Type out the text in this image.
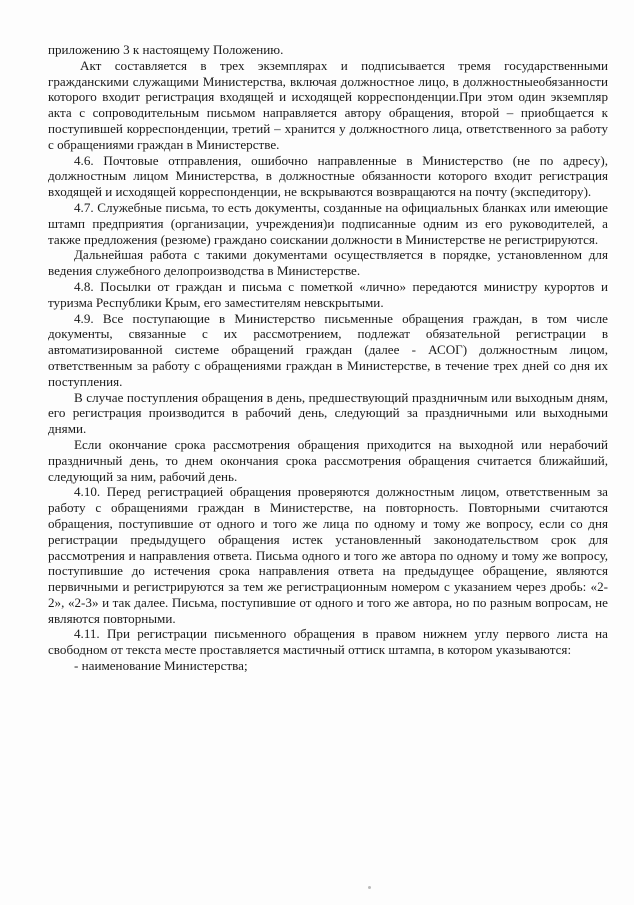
приложению 3 к настоящему Положению.

Акт составляется в трех экземплярах и подписывается тремя государственными гражданскими служащими Министерства, включая должностное лицо, в должностныеобязанности которого входит регистрация входящей и исходящей корреспонденции.При этом один экземпляр акта с сопроводительным письмом направляется автору обращения, второй – приобщается к поступившей корреспонденции, третий – хранится у должностного лица, ответственного за работу с обращениями граждан в Министерстве.

4.6. Почтовые отправления, ошибочно направленные в Министерство (не по адресу), должностным лицом Министерства, в должностные обязанности которого входит регистрация входящей и исходящей корреспонденции, не вскрываются возвращаются на почту (экспедитору).

4.7. Служебные письма, то есть документы, созданные на официальных бланках или имеющие штамп предприятия (организации, учреждения)и подписанные одним из его руководителей, а также предложения (резюме) граждано соискании должности в Министерстве не регистрируются.

Дальнейшая работа с такими документами осуществляется в порядке, установленном для ведения служебного делопроизводства в Министерстве.

4.8. Посылки от граждан и письма с пометкой «лично» передаются министру курортов и туризма Республики Крым, его заместителям невскрытыми.

4.9. Все поступающие в Министерство письменные обращения граждан, в том числе документы, связанные с их рассмотрением, подлежат обязательной регистрации в автоматизированной системе обращений граждан (далее - АСОГ) должностным лицом, ответственным за работу с обращениями граждан в Министерстве, в течение трех дней со дня их поступления.

В случае поступления обращения в день, предшествующий праздничным или выходным дням, его регистрация производится в рабочий день, следующий за праздничными или выходными днями.

Если окончание срока рассмотрения обращения приходится на выходной или нерабочий праздничный день, то днем окончания срока рассмотрения обращения считается ближайший, следующий за ним, рабочий день.

4.10. Перед регистрацией обращения проверяются должностным лицом, ответственным за работу с обращениями граждан в Министерстве, на повторность. Повторными считаются обращения, поступившие от одного и того же лица по одному и тому же вопросу, если со дня регистрации предыдущего обращения истек установленный законодательством срок для рассмотрения и направления ответа. Письма одного и того же автора по одному и тому же вопросу, поступившие до истечения срока направления ответа на предыдущее обращение, являются первичными и регистрируются за тем же регистрационным номером с указанием через дробь: «2-2», «2-3» и так далее. Письма, поступившие от одного и того же автора, но по разным вопросам, не являются повторными.

4.11. При регистрации письменного обращения в правом нижнем углу первого листа на свободном от текста месте проставляется мастичный оттиск штампа, в котором указываются:

- наименование Министерства;
